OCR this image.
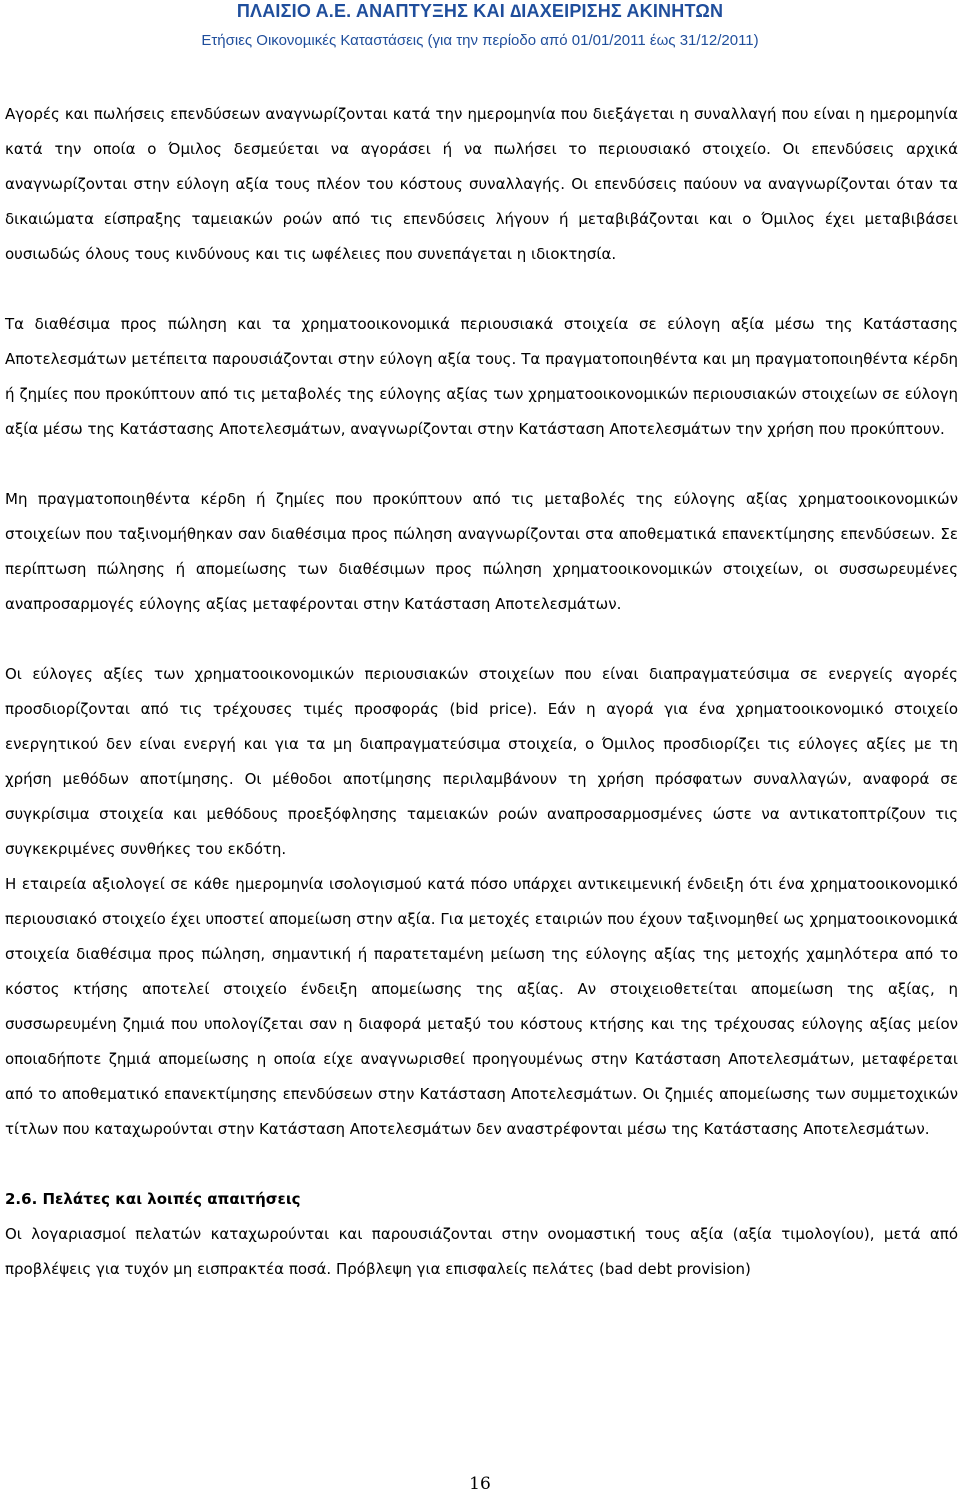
ΠΛΑΙΣΙΟ Α.Ε. ΑΝΑΠΤΥΞΗΣ ΚΑΙ ∆ΙΑΧΕΙΡΙΣΗΣ ΑΚΙΝΗΤΩΝ
Ετήσιες Οικονοµικές Καταστάσεις (για την περίοδο από 01/01/2011 έως 31/12/2011)

Αγορές και πωλήσεις επενδύσεων αναγνωρίζονται κατά την ηµεροµηνία που διεξάγεται η συναλλαγή που είναι η ηµεροµηνία κατά την οποία ο Όµιλος δεσµεύεται να αγοράσει ή να πωλήσει το περιουσιακό στοιχείο. Οι επενδύσεις αρχικά αναγνωρίζονται στην εύλογη αξία τους πλέον του κόστους συναλλαγής. Οι επενδύσεις παύουν να αναγνωρίζονται όταν τα δικαιώµατα είσπραξης ταµειακών ροών από τις επενδύσεις λήγουν ή µεταβιβάζονται και ο Όµιλος έχει µεταβιβάσει ουσιωδώς όλους τους κινδύνους και τις ωφέλειες που συνεπάγεται η ιδιοκτησία.

Τα διαθέσιµα προς πώληση και τα χρηµατοοικονοµικά περιουσιακά στοιχεία σε εύλογη αξία µέσω της Κατάστασης Αποτελεσµάτων µετέπειτα παρουσιάζονται στην εύλογη αξία τους. Τα πραγµατοποιηθέντα και µη πραγµατοποιηθέντα κέρδη ή ζηµίες που προκύπτουν από τις µεταβολές της εύλογης αξίας των χρηµατοοικονοµικών περιουσιακών στοιχείων σε εύλογη αξία µέσω της Κατάστασης Αποτελεσµάτων, αναγνωρίζονται στην Κατάσταση Αποτελεσµάτων την χρήση που προκύπτουν.

Μη πραγµατοποιηθέντα κέρδη ή ζηµίες που προκύπτουν από τις µεταβολές της εύλογης αξίας χρηµατοοικονοµικών στοιχείων που ταξινοµήθηκαν σαν διαθέσιµα προς πώληση αναγνωρίζονται στα αποθεµατικά επανεκτίµησης επενδύσεων. Σε περίπτωση πώλησης ή αποµείωσης των διαθέσιµων προς πώληση χρηµατοοικονοµικών στοιχείων, οι συσσωρευµένες αναπροσαρµογές εύλογης αξίας µεταφέρονται στην Κατάσταση Αποτελεσµάτων.

Οι εύλογες αξίες των χρηµατοοικονοµικών περιουσιακών στοιχείων που είναι διαπραγµατεύσιµα σε ενεργείς αγορές προσδιορίζονται από τις τρέχουσες τιµές προσφοράς (bid price). Εάν η αγορά για ένα χρηµατοοικονοµικό στοιχείο ενεργητικού δεν είναι ενεργή και για τα µη διαπραγµατεύσιµα στοιχεία, ο Όµιλος προσδιορίζει τις εύλογες αξίες µε τη χρήση µεθόδων αποτίµησης. Οι µέθοδοι αποτίµησης περιλαµβάνουν τη χρήση πρόσφατων συναλλαγών, αναφορά σε συγκρίσιµα στοιχεία και µεθόδους προεξόφλησης ταµειακών ροών αναπροσαρµοσµένες ώστε να αντικατοπτρίζουν τις συγκεκριµένες συνθήκες του εκδότη.

Η εταιρεία αξιολογεί σε κάθε ηµεροµηνία ισολογισµού κατά πόσο υπάρχει αντικειµενική ένδειξη ότι ένα χρηµατοοικονοµικό περιουσιακό στοιχείο έχει υποστεί αποµείωση στην αξία. Για µετοχές εταιριών που έχουν ταξινοµηθεί ως χρηµατοοικονοµικά στοιχεία διαθέσιµα προς πώληση, σηµαντική ή παρατεταµένη µείωση της εύλογης αξίας της µετοχής χαµηλότερα από το κόστος κτήσης αποτελεί στοιχείο ένδειξη αποµείωσης της αξίας. Αν στοιχειοθετείται αποµείωση της αξίας, η συσσωρευµένη ζηµιά που υπολογίζεται σαν η διαφορά µεταξύ του κόστους κτήσης και της τρέχουσας εύλογης αξίας µείον οποιαδήποτε ζηµιά αποµείωσης η οποία είχε αναγνωρισθεί προηγουµένως στην Κατάσταση Αποτελεσµάτων, µεταφέρεται από το αποθεµατικό επανεκτίµησης επενδύσεων στην Κατάσταση Αποτελεσµάτων. Οι ζηµιές αποµείωσης των συµµετοχικών τίτλων που καταχωρούνται στην Κατάσταση Αποτελεσµάτων δεν αναστρέφονται µέσω της Κατάστασης Αποτελεσµάτων.

2.6. Πελάτες και λοιπές απαιτήσεις

Οι λογαριασµοί πελατών καταχωρούνται και παρουσιάζονται στην ονοµαστική τους αξία (αξία τιµολογίου), µετά από προβλέψεις για τυχόν µη εισπρακτέα ποσά. Πρόβλεψη για επισφαλείς πελάτες (bad debt provision)

16
